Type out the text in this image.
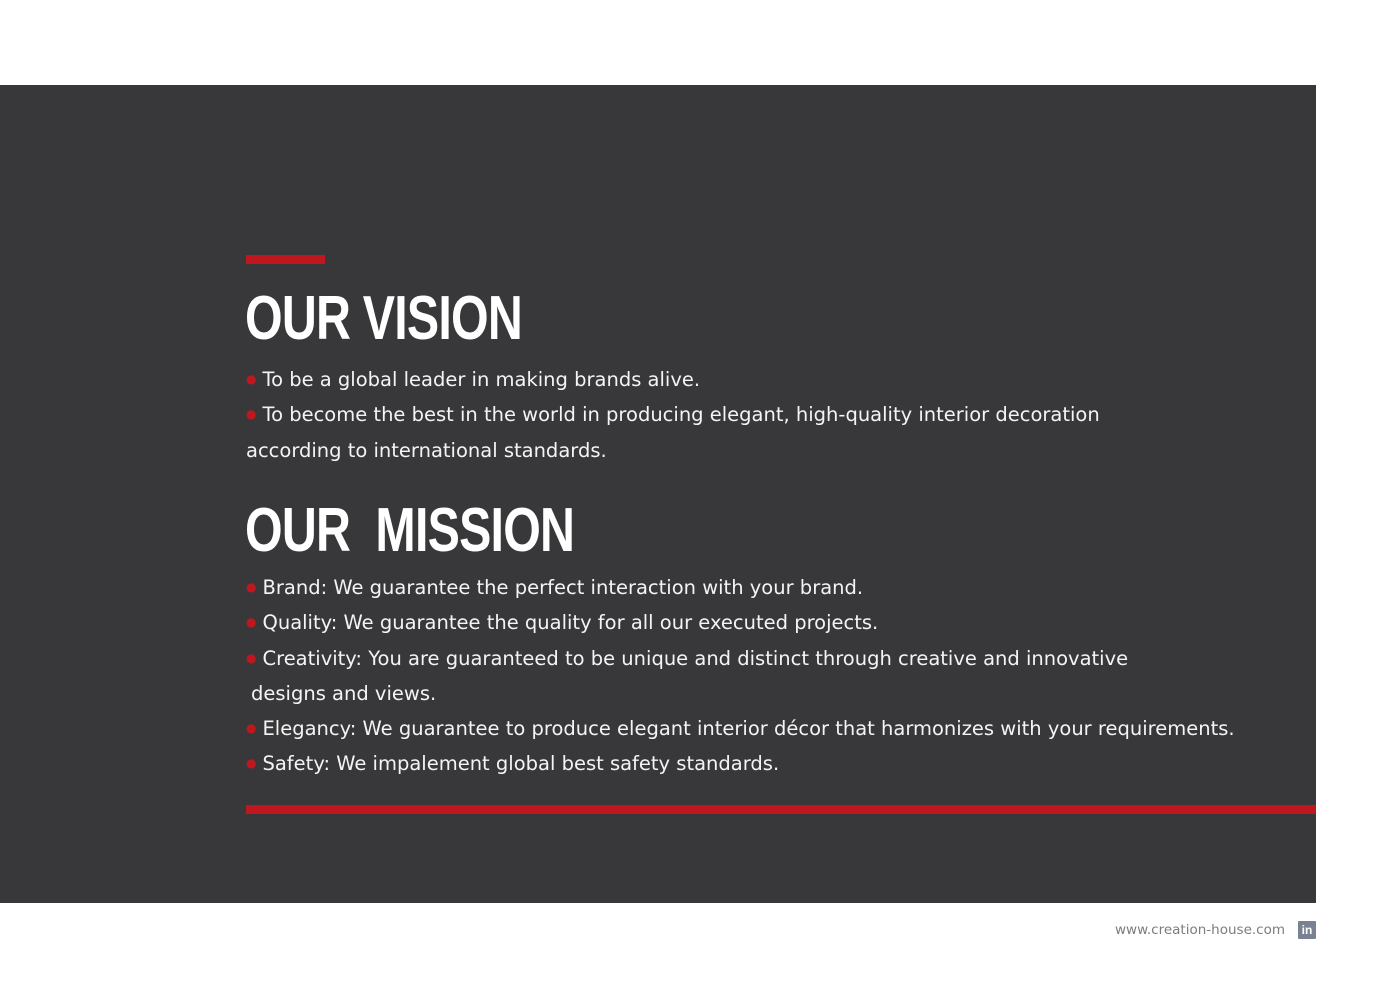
OUR VISION
● To be a global leader in making brands alive.
● To become the best in the world in producing elegant, high-quality interior decoration
according to international standards.
OUR  MISSION
● Brand: We guarantee the perfect interaction with your brand.
● Quality: We guarantee the quality for all our executed projects.
● Creativity: You are guaranteed to be unique and distinct through creative and innovative
designs and views.
● Elegancy: We guarantee to produce elegant interior décor that harmonizes with your requirements.
● Safety: We impalement global best safety standards.
www.creation-house.com	in
